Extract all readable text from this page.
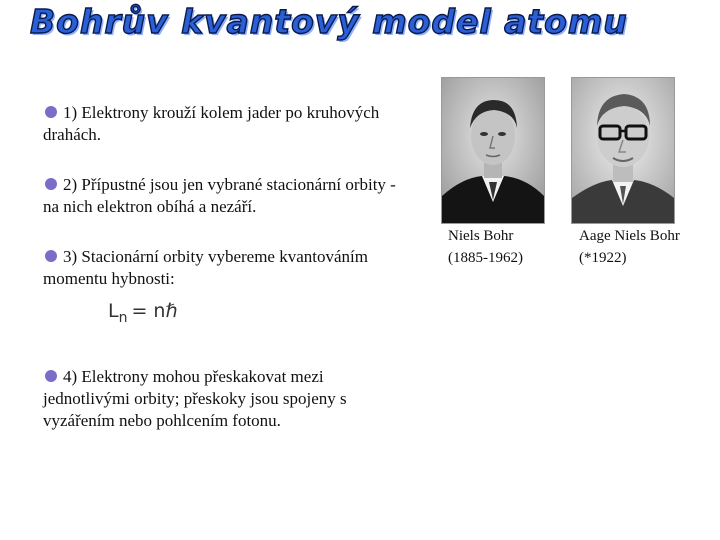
Bohrův kvantový model atomu
1) Elektrony krouží kolem jader po kruhových drahách.
2) Přípustné jsou jen vybrané stacionární orbity - na nich elektron obíhá a nezáří.
3) Stacionární orbity vybereme kvantováním momentu hybnosti:
$L_n$ = nℏ
4) Elektrony mohou přeskakovat mezi jednotlivými orbity; přeskoky jsou spojeny s vyzářením nebo pohlcením fotonu.
Niels Bohr
(1885-1962)
Aage Niels Bohr
(*1922)
